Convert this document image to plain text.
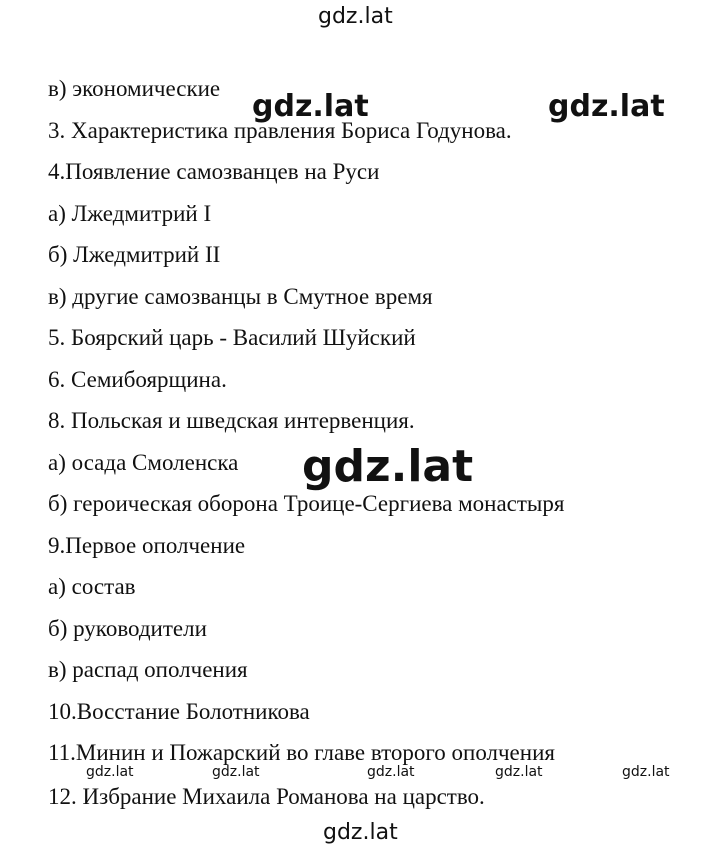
в) экономические
3. Характеристика правления Бориса Годунова.
4.Появление самозванцев на Руси
а) Лжедмитрий I
б) Лжедмитрий II
в) другие самозванцы в Смутное время
5. Боярский царь - Василий Шуйский
6. Семибоярщина.
8. Польская и шведская интервенция.
а) осада Смоленска
б) героическая оборона Троице-Сергиева монастыря
9.Первое ополчение
а) состав
б) руководители
в) распад ополчения
10.Восстание Болотникова
11.Минин и Пожарский во главе второго ополчения
12. Избрание Михаила Романова на царство.
gdz.lat
gdz.lat	gdz.lat
gdz.lat
gdz.lat	gdz.lat	gdz.lat	gdz.lat	gdz.lat
gdz.lat
